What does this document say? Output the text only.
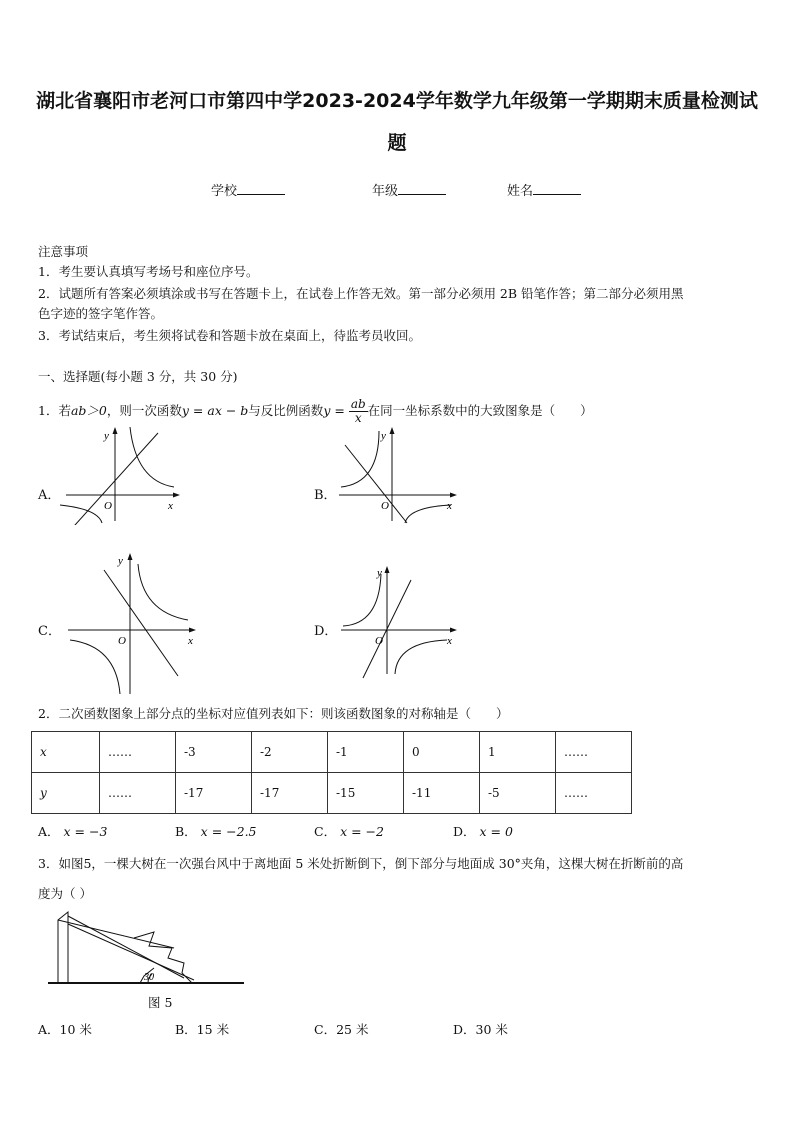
湖北省襄阳市老河口市第四中学2023-2024学年数学九年级第一学期期末质量检测试
题
学校	年级	姓名
注意事项
1．考生要认真填写考场号和座位序号。
2．试题所有答案必须填涂或书写在答题卡上，在试卷上作答无效。第一部分必须用 2B 铅笔作答；第二部分必须用黑
色字迹的签字笔作答。
3．考试结束后，考生须将试卷和答题卡放在桌面上，待监考员收回。
一、选择题(每小题 3 分，共 30 分)
1．若ab＞0，则一次函数y = ax − b与反比例函数$y = \frac{ab}{x}$ 在同一坐标系数中的大致图象是（　　）
A．	B．
C．	D．
y
x
O
y
x
O
y
x
O
y
x
O
2．二次函数图象上部分点的坐标对应值列表如下：则该函数图象的对称轴是（　　）
x	……	-3	-2	-1	0	1	……
y	……	-17	-17	-15	-11	-5	……
A． x = −3	B． x = −2.5	C． x = −2	D． x = 0
3．如图5，一棵大树在一次强台风中于离地面 5 米处折断倒下，倒下部分与地面成 30°夹角，这棵大树在折断前的高
度为（ ）
30
图 5
A．10 米	B．15 米	C．25 米	D．30 米
